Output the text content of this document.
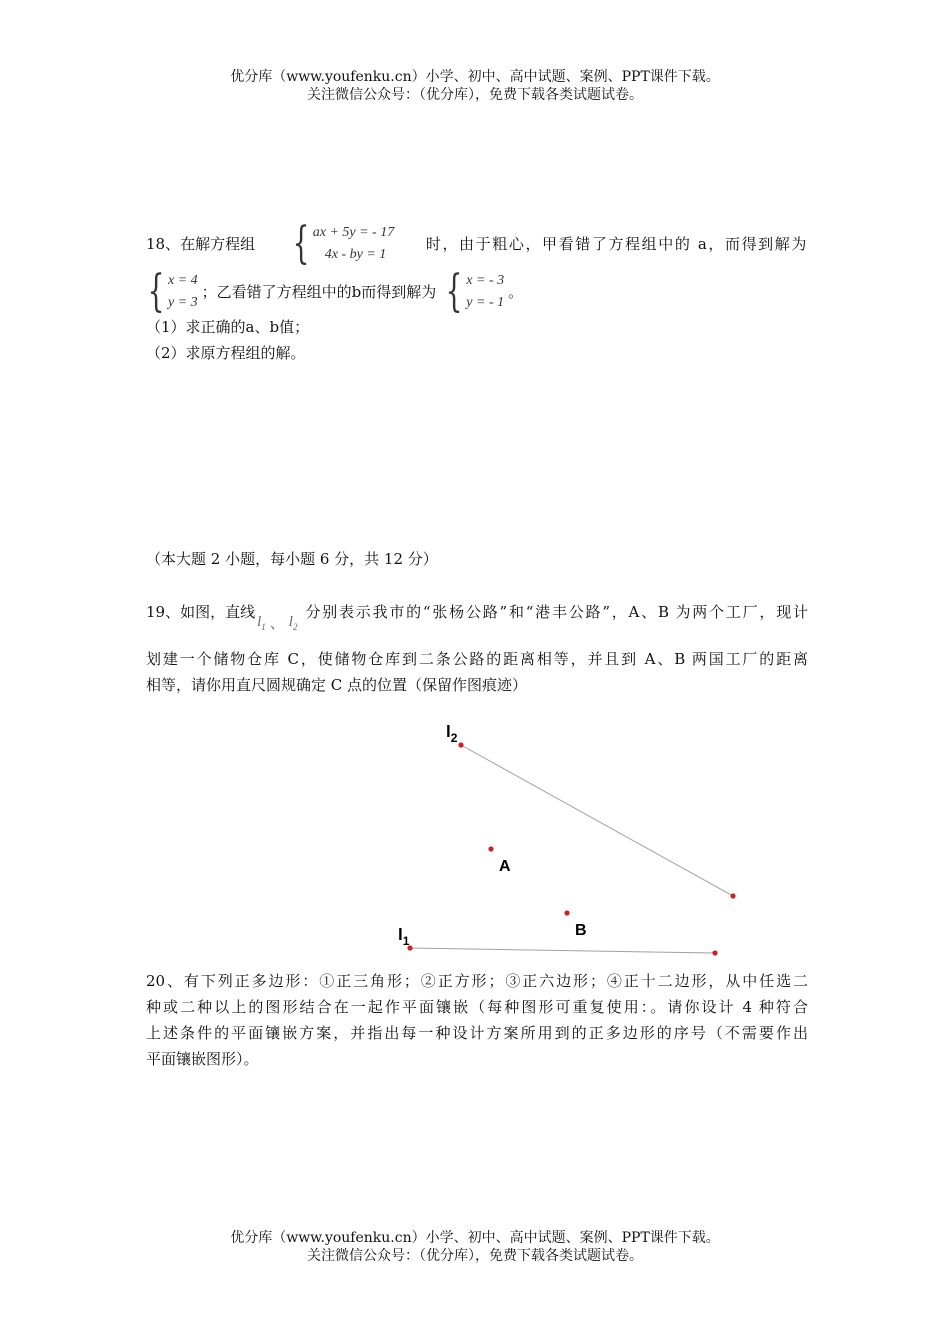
优分库（www.youfenku.cn）小学、初中、高中试题、案例、PPT课件下载。
关注微信公众号：（优分库），免费下载各类试题试卷。
18、在解方程组 { ax + 5y = - 17
4x - by = 1
时，由于粗心，甲看错了方程组中的 a，而得到解为
{ x = 4
y = 3
；乙看错了方程组中的b而得到解为 { x = - 3
y = - 1
。
（1）求正确的a、b值；
（2）求原方程组的解。
（本大题 2 小题，每小题 6 分，共 12 分）
19、如图，直线
$l_1$ 、 $l_2$
分别表示我市的“张杨公路”和“港丰公路”，A、B 为两个工厂，现计
划建一个储物仓库 C，使储物仓库到二条公路的距离相等，并且到 A、B 两国工厂的距离
相等，请你用直尺圆规确定 C 点的位置（保留作图痕迹）
$l_2$
$l_1$
A
B
20、有下列正多边形：①正三角形；②正方形；③正六边形；④正十二边形，从中任选二
种或二种以上的图形结合在一起作平面镶嵌（每种图形可重复使用：。请你设计 4 种符合
上述条件的平面镶嵌方案，并指出每一种设计方案所用到的正多边形的序号（不需要作出
平面镶嵌图形）。
优分库（www.youfenku.cn）小学、初中、高中试题、案例、PPT课件下载。
关注微信公众号：（优分库），免费下载各类试题试卷。
